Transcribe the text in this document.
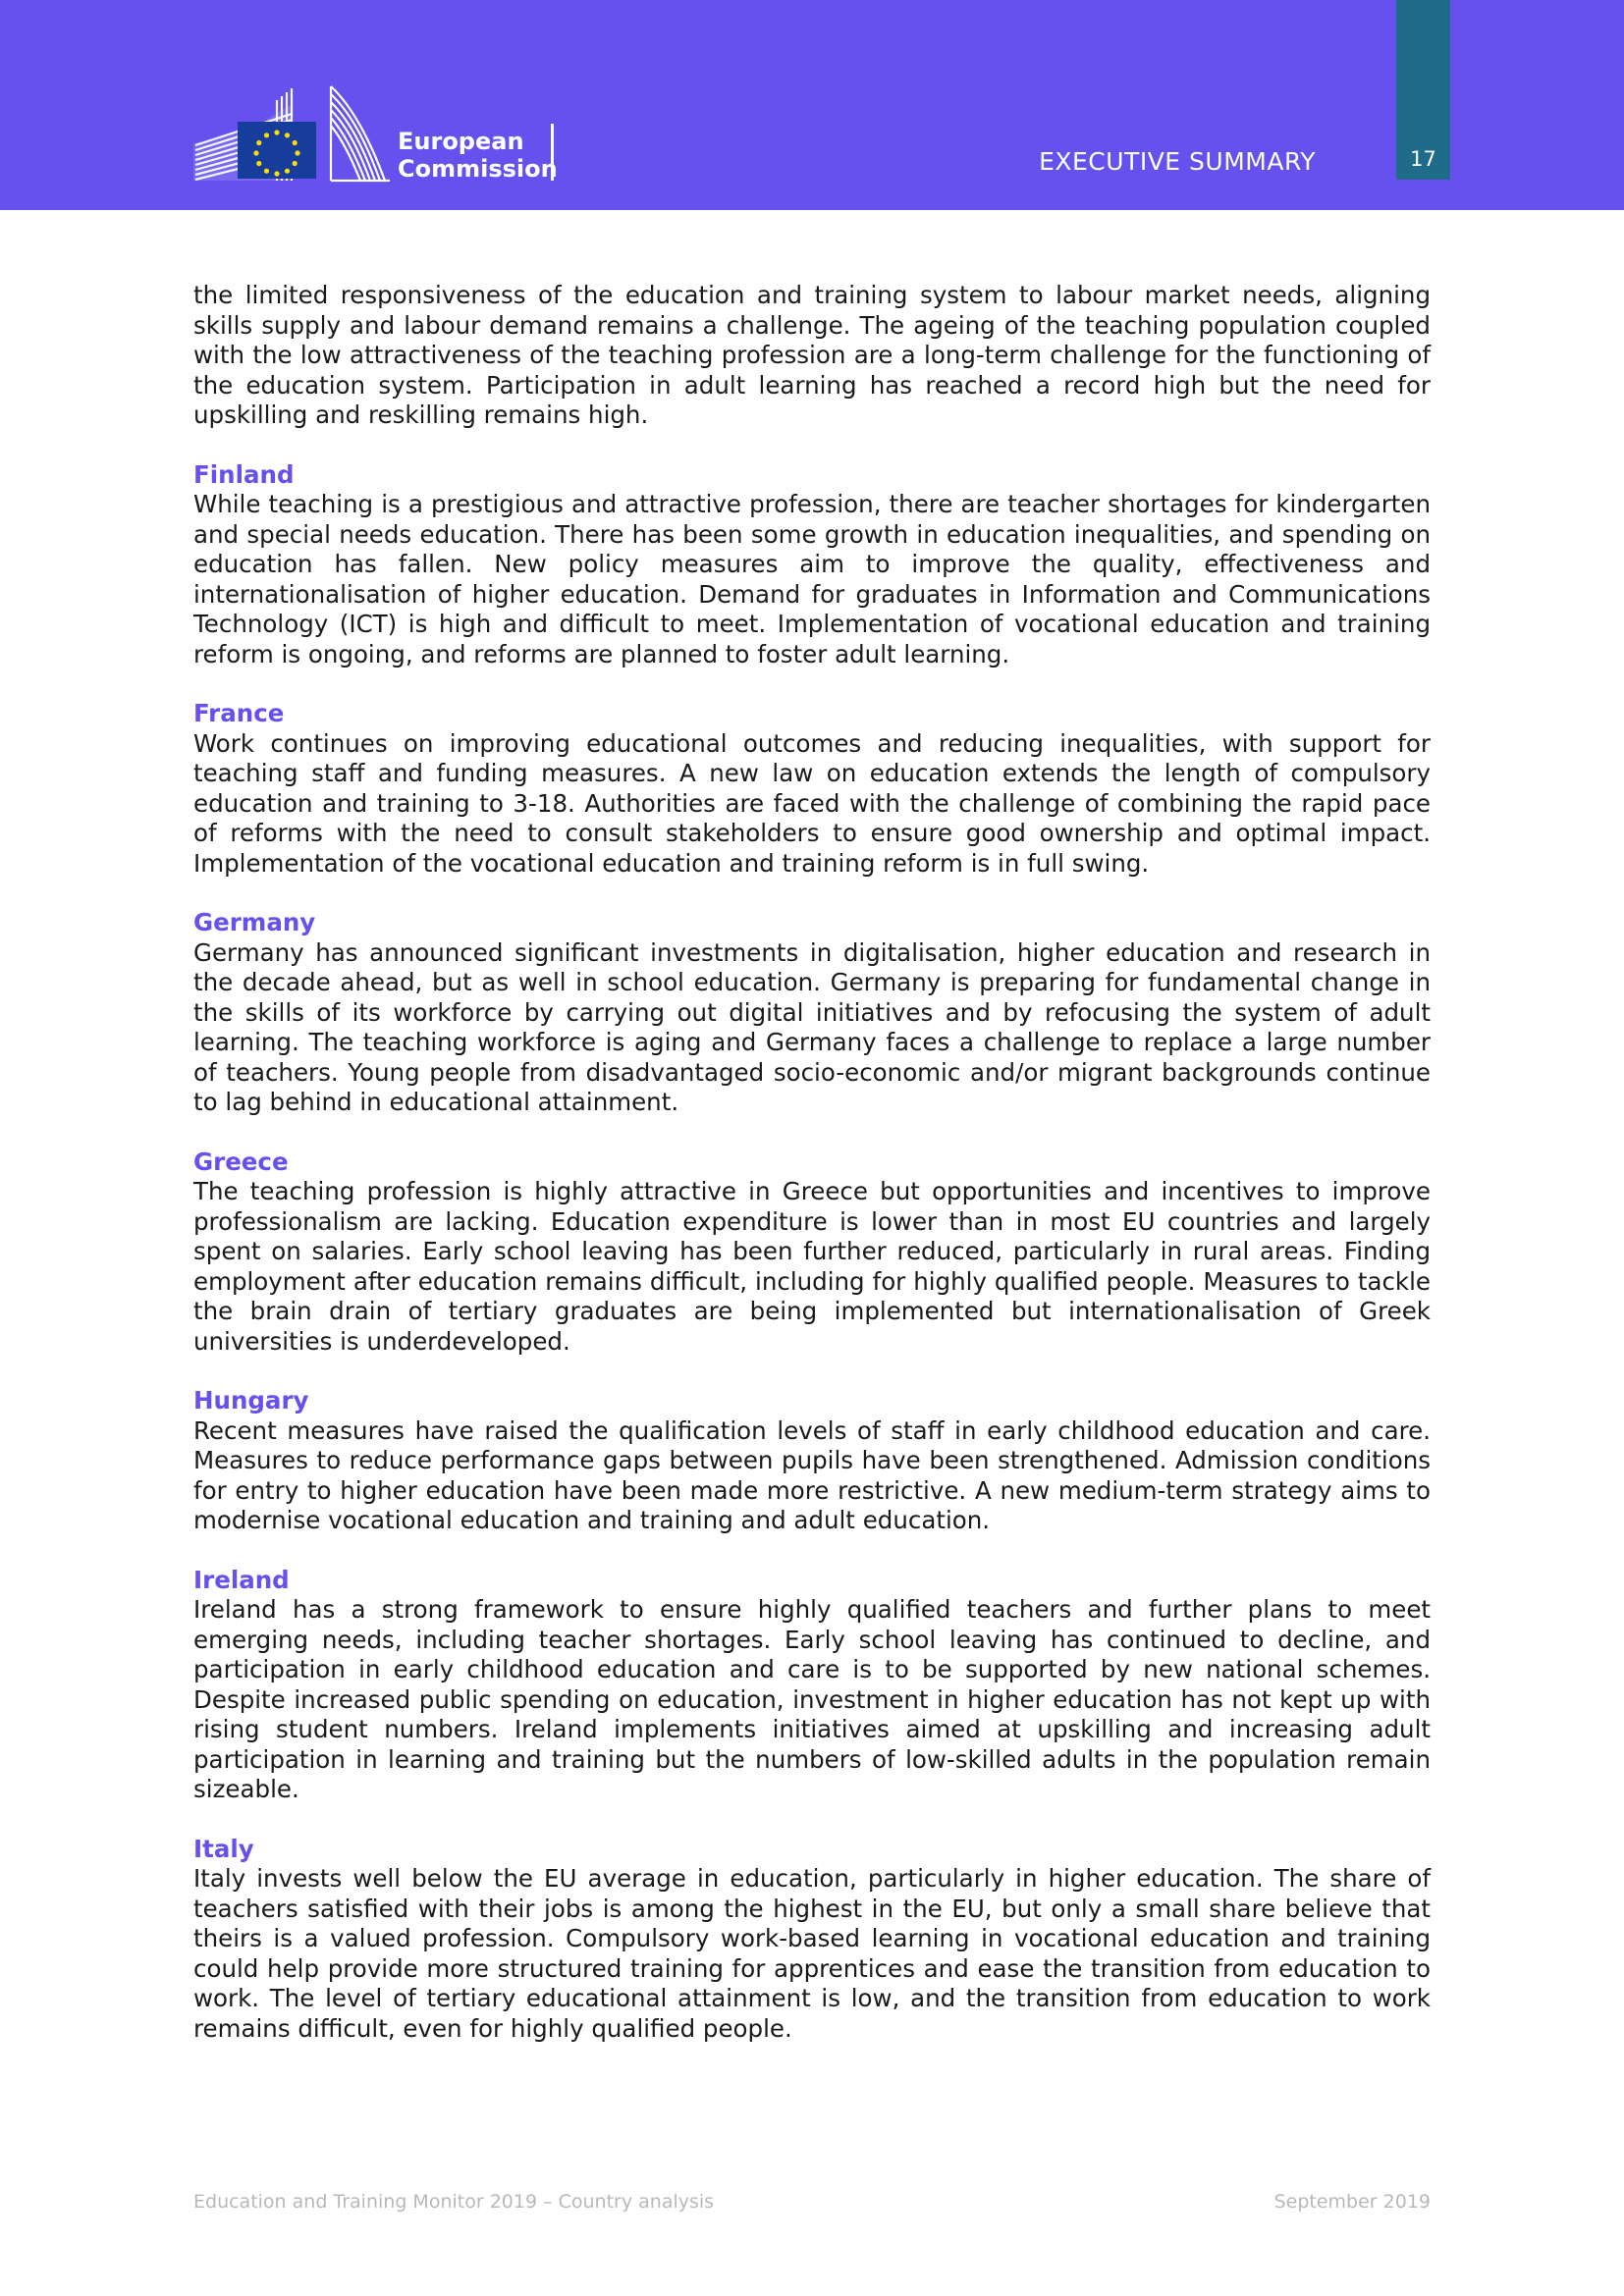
European
Commission	EXECUTIVE SUMMARY	17

the limited responsiveness of the education and training system to labour market needs, aligning skills supply and labour demand remains a challenge. The ageing of the teaching population coupled with the low attractiveness of the teaching profession are a long-term challenge for the functioning of the education system. Participation in adult learning has reached a record high but the need for upskilling and reskilling remains high.

Finland

While teaching is a prestigious and attractive profession, there are teacher shortages for kindergarten and special needs education. There has been some growth in education inequalities, and spending on education has fallen. New policy measures aim to improve the quality, effectiveness and internationalisation of higher education. Demand for graduates in Information and Communications Technology (ICT) is high and difficult to meet. Implementation of vocational education and training reform is ongoing, and reforms are planned to foster adult learning.

France

Work continues on improving educational outcomes and reducing inequalities, with support for teaching staff and funding measures. A new law on education extends the length of compulsory education and training to 3-18. Authorities are faced with the challenge of combining the rapid pace of reforms with the need to consult stakeholders to ensure good ownership and optimal impact. Implementation of the vocational education and training reform is in full swing.

Germany

Germany has announced significant investments in digitalisation, higher education and research in the decade ahead, but as well in school education. Germany is preparing for fundamental change in the skills of its workforce by carrying out digital initiatives and by refocusing the system of adult learning. The teaching workforce is aging and Germany faces a challenge to replace a large number of teachers. Young people from disadvantaged socio-economic and/or migrant backgrounds continue to lag behind in educational attainment.

Greece

The teaching profession is highly attractive in Greece but opportunities and incentives to improve professionalism are lacking. Education expenditure is lower than in most EU countries and largely spent on salaries. Early school leaving has been further reduced, particularly in rural areas. Finding employment after education remains difficult, including for highly qualified people. Measures to tackle the brain drain of tertiary graduates are being implemented but internationalisation of Greek universities is underdeveloped.

Hungary

Recent measures have raised the qualification levels of staff in early childhood education and care. Measures to reduce performance gaps between pupils have been strengthened. Admission conditions for entry to higher education have been made more restrictive. A new medium-term strategy aims to modernise vocational education and training and adult education.

Ireland

Ireland has a strong framework to ensure highly qualified teachers and further plans to meet emerging needs, including teacher shortages. Early school leaving has continued to decline, and participation in early childhood education and care is to be supported by new national schemes. Despite increased public spending on education, investment in higher education has not kept up with rising student numbers. Ireland implements initiatives aimed at upskilling and increasing adult participation in learning and training but the numbers of low-skilled adults in the population remain sizeable.

Italy

Italy invests well below the EU average in education, particularly in higher education. The share of teachers satisfied with their jobs is among the highest in the EU, but only a small share believe that theirs is a valued profession. Compulsory work-based learning in vocational education and training could help provide more structured training for apprentices and ease the transition from education to work. The level of tertiary educational attainment is low, and the transition from education to work remains difficult, even for highly qualified people.

Education and Training Monitor 2019 – Country analysis	September 2019
